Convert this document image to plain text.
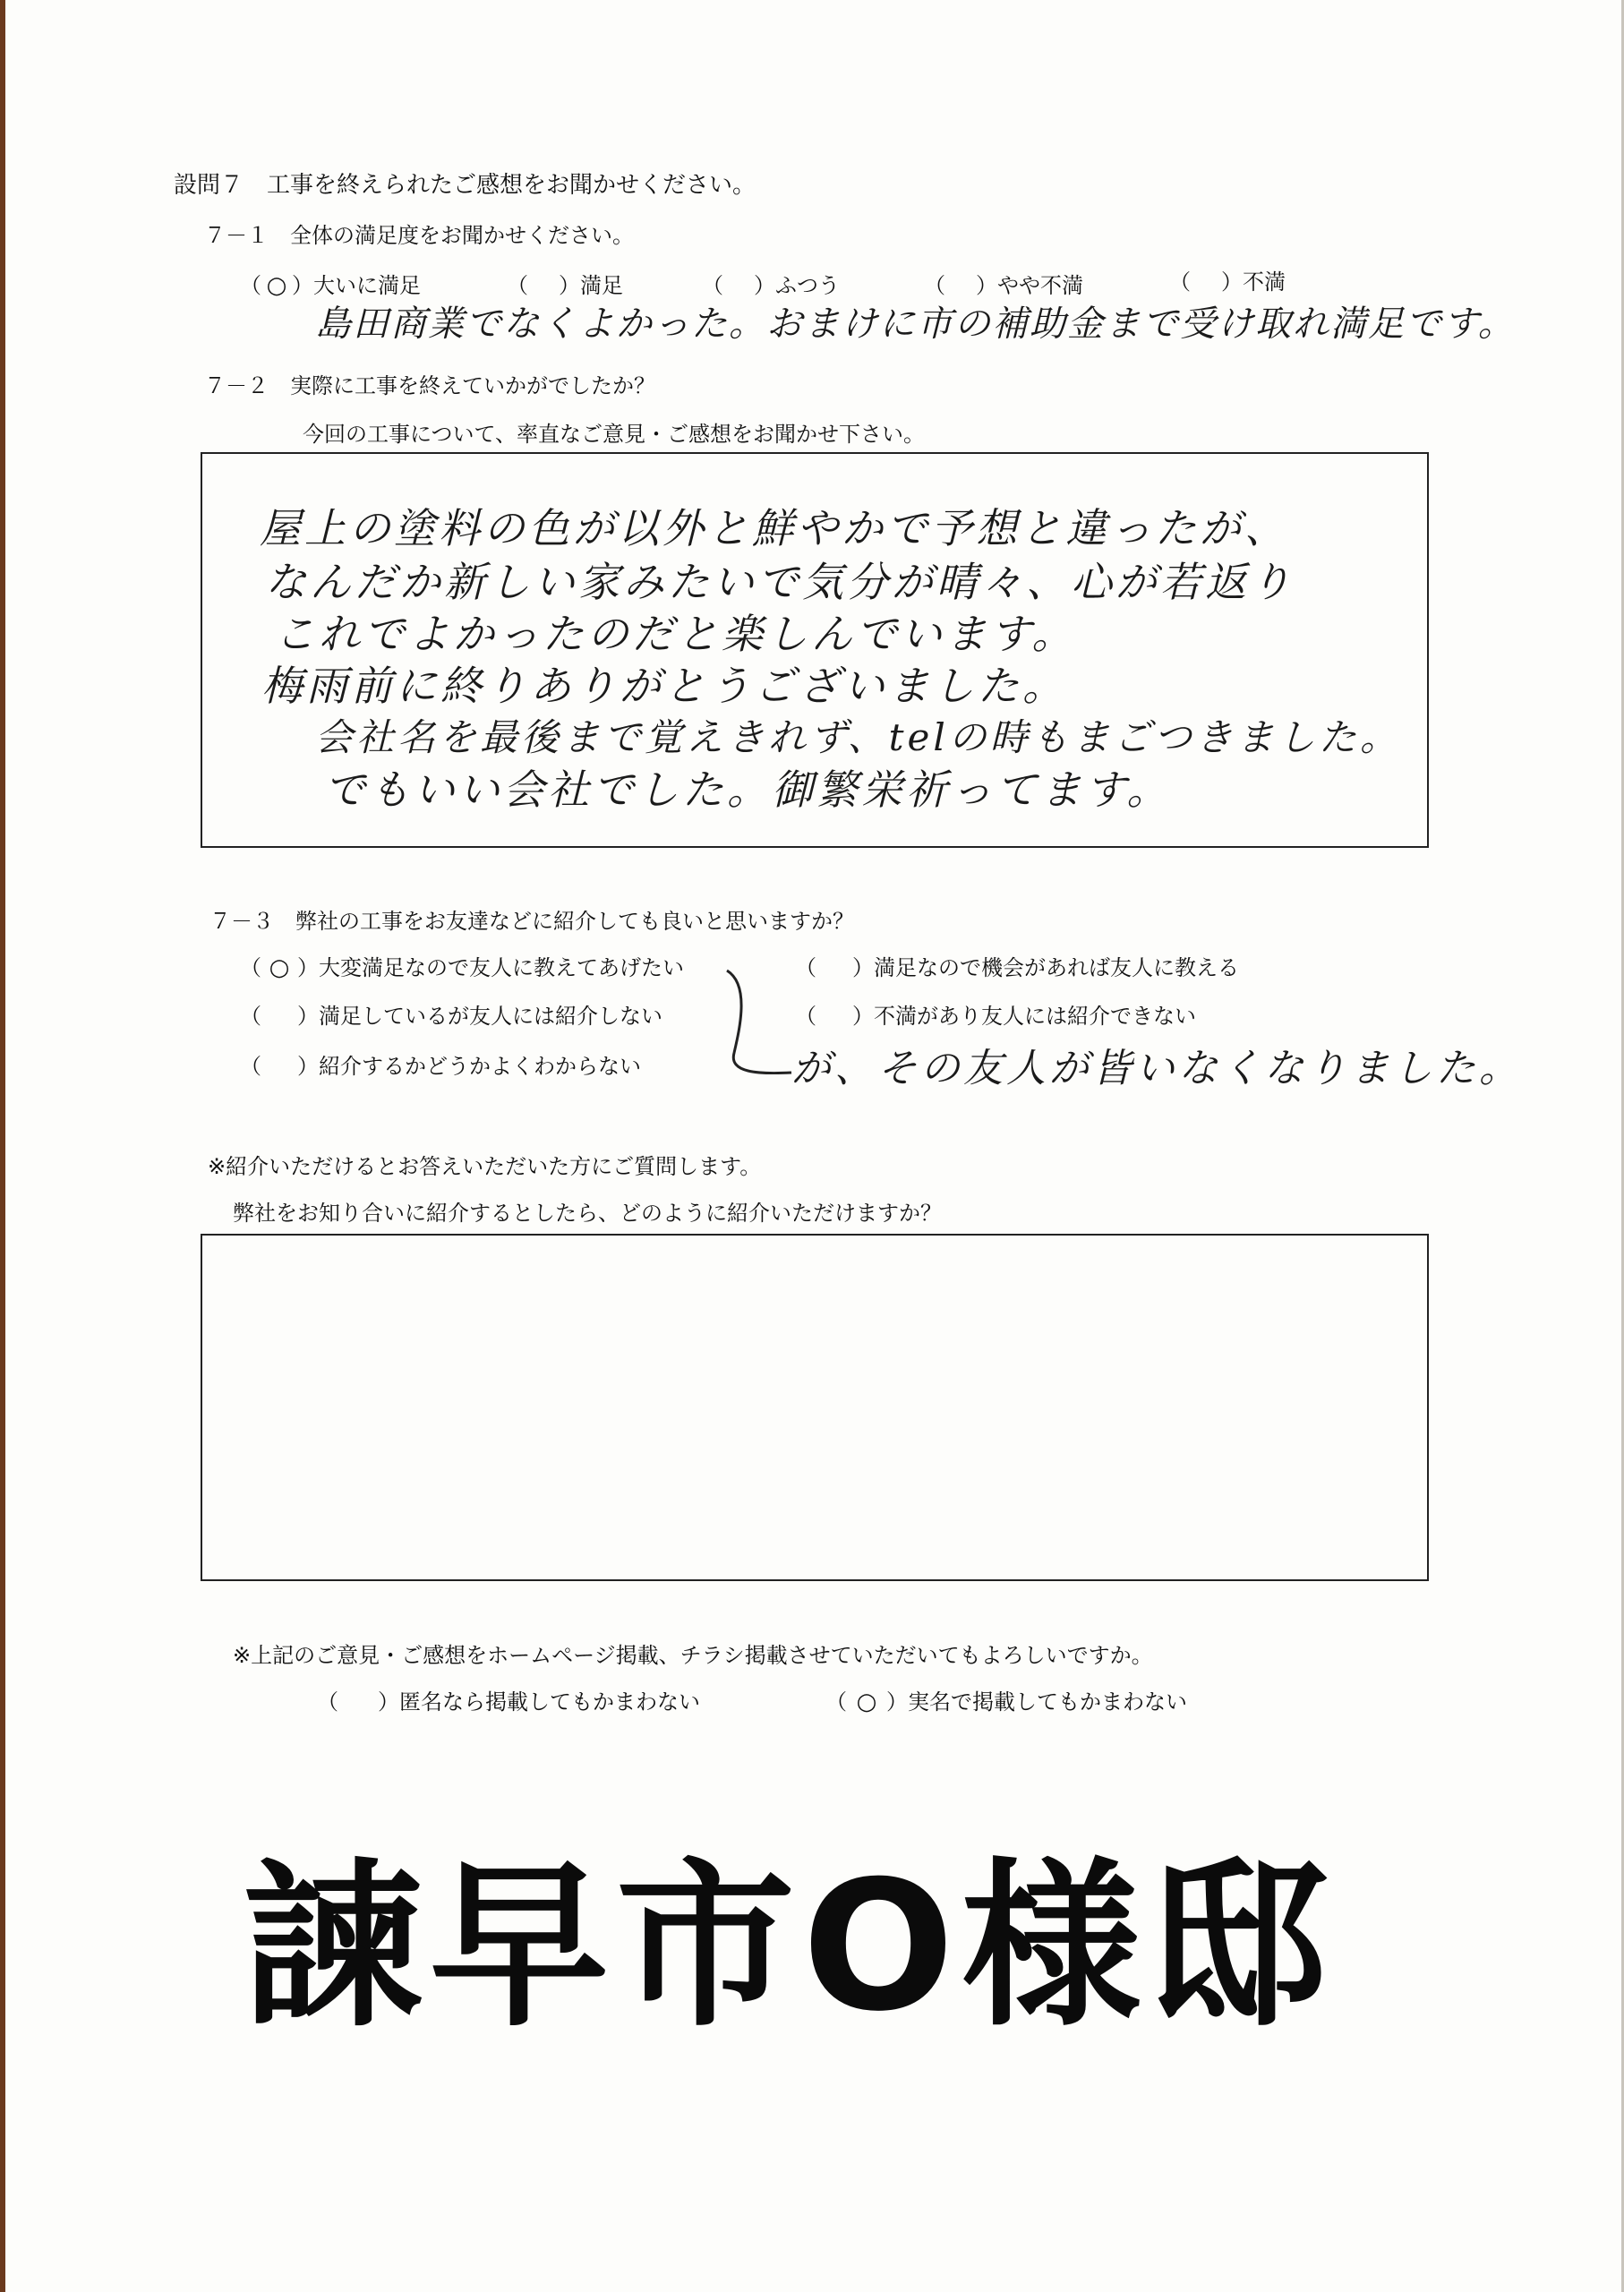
設問７　工事を終えられたご感想をお聞かせください。
７－１　全体の満足度をお聞かせください。
（ ○ ）大いに満足	（ ）満足	（ ）ふつう	（ ）やや不満	（ ）不満
島田商業でなくよかった。おまけに市の補助金まで受け取れ満足です。
７－２　実際に工事を終えていかがでしたか？
今回の工事について、率直なご意見・ご感想をお聞かせ下さい。
屋上の塗料の色が以外と鮮やかで予想と違ったが、
なんだか新しい家みたいで気分が晴々、心が若返り
これでよかったのだと楽しんでいます。
梅雨前に終りありがとうございました。
会社名を最後まで覚えきれず、telの時もまごつきました。
でもいい会社でした。御繁栄祈ってます。
７－３　弊社の工事をお友達などに紹介しても良いと思いますか？
（ ○ ）大変満足なので友人に教えてあげたい	（ ）満足なので機会があれば友人に教える
（ ）満足しているが友人には紹介しない	（ ）不満があり友人には紹介できない
（ ）紹介するかどうかよくわからない	が、その友人が皆いなくなりました。
※紹介いただけるとお答えいただいた方にご質問します。
弊社をお知り合いに紹介するとしたら、どのように紹介いただけますか？
※上記のご意見・ご感想をホームページ掲載、チラシ掲載させていただいてもよろしいですか。
（ ）匿名なら掲載してもかまわない	（ ○ ）実名で掲載してもかまわない
諫早市O様邸
